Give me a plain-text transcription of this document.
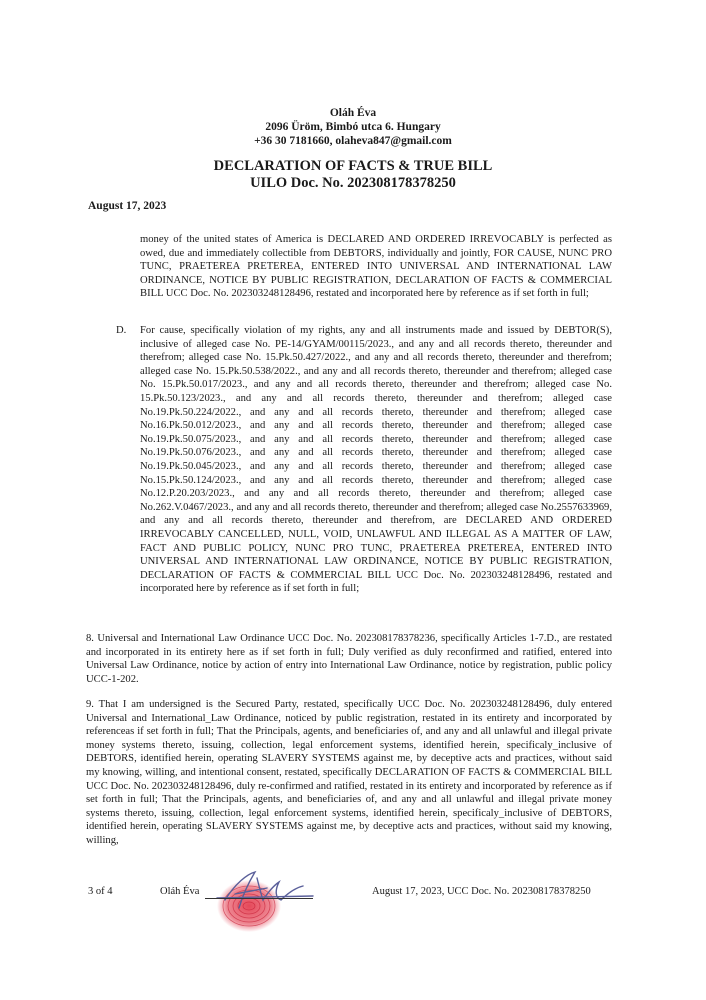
Oláh Éva
2096 Üröm, Bimbó utca 6. Hungary
+36 30 7181660, olaheva847@gmail.com
DECLARATION OF FACTS & TRUE BILL
UILO Doc. No. 202308178378250
August 17, 2023
money of the united states of America is DECLARED AND ORDERED IRREVOCABLY is perfected as owed, due and immediately collectible from DEBTORS, individually and jointly, FOR CAUSE, NUNC PRO TUNC, PRAETEREA PRETEREA, ENTERED INTO UNIVERSAL AND INTERNATIONAL LAW ORDINANCE, NOTICE BY PUBLIC REGISTRATION, DECLARATION OF FACTS & COMMERCIAL BILL UCC Doc. No. 202303248128496, restated and incorporated here by reference as if set forth in full;
D.	For cause, specifically violation of my rights, any and all instruments made and issued by DEBTOR(S), inclusive of alleged case No. PE-14/GYAM/00115/2023., and any and all records thereto, thereunder and therefrom; alleged case No. 15.Pk.50.427/2022., and any and all records thereto, thereunder and therefrom; alleged case No. 15.Pk.50.538/2022., and any and all records thereto, thereunder and therefrom; alleged case No. 15.Pk.50.017/2023., and any and all records thereto, thereunder and therefrom; alleged case No. 15.Pk.50.123/2023., and any and all records thereto, thereunder and therefrom; alleged case No.19.Pk.50.224/2022., and any and all records thereto, thereunder and therefrom; alleged case No.16.Pk.50.012/2023., and any and all records thereto, thereunder and therefrom; alleged case No.19.Pk.50.075/2023., and any and all records thereto, thereunder and therefrom; alleged case No.19.Pk.50.076/2023., and any and all records thereto, thereunder and therefrom; alleged case No.19.Pk.50.045/2023., and any and all records thereto, thereunder and therefrom; alleged case No.15.Pk.50.124/2023., and any and all records thereto, thereunder and therefrom; alleged case No.12.P.20.203/2023., and any and all records thereto, thereunder and therefrom; alleged case No.262.V.0467/2023., and any and all records thereto, thereunder and therefrom; alleged case No.2557633969, and any and all records thereto, thereunder and therefrom, are DECLARED AND ORDERED IRREVOCABLY CANCELLED, NULL, VOID, UNLAWFUL AND ILLEGAL AS A MATTER OF LAW, FACT AND PUBLIC POLICY, NUNC PRO TUNC, PRAETEREA PRETEREA, ENTERED INTO UNIVERSAL AND INTERNATIONAL LAW ORDINANCE, NOTICE BY PUBLIC REGISTRATION, DECLARATION OF FACTS & COMMERCIAL BILL UCC Doc. No. 202303248128496, restated and incorporated here by reference as if set forth in full;
8. Universal and International Law Ordinance UCC Doc. No. 202308178378236, specifically Articles 1-7.D., are restated and incorporated in its entirety here as if set forth in full; Duly verified as duly reconfirmed and ratified, entered into Universal Law Ordinance, notice by action of entry into International Law Ordinance, notice by registration, public policy UCC-1-202.
9. That I am undersigned is the Secured Party, restated, specifically UCC Doc. No. 202303248128496, duly entered Universal and International_Law Ordinance, noticed by public registration, restated in its entirety and incorporated by referenceas if set forth in full; That the Principals, agents, and beneficiaries of, and any and all unlawful and illegal private money systems thereto, issuing, collection, legal enforcement systems, identified herein, specificaly_inclusive of DEBTORS, identified herein, operating SLAVERY SYSTEMS against me, by deceptive acts and practices, without said my knowing, willing, and intentional consent, restated, specifically DECLARATION OF FACTS & COMMERCIAL BILL UCC Doc. No. 202303248128496, duly re-confirmed and ratified, restated in its entirety and incorporated by reference as if set forth in full; That the Principals, agents, and beneficiaries of, and any and all unlawful and illegal private money systems thereto, issuing, collection, legal enforcement systems, identified herein, specificaly_inclusive of DEBTORS, identified herein, operating SLAVERY SYSTEMS against me, by deceptive acts and practices, without said my knowing, willing,
3 of 4	Oláh Éva	August 17, 2023, UCC Doc. No. 202308178378250
